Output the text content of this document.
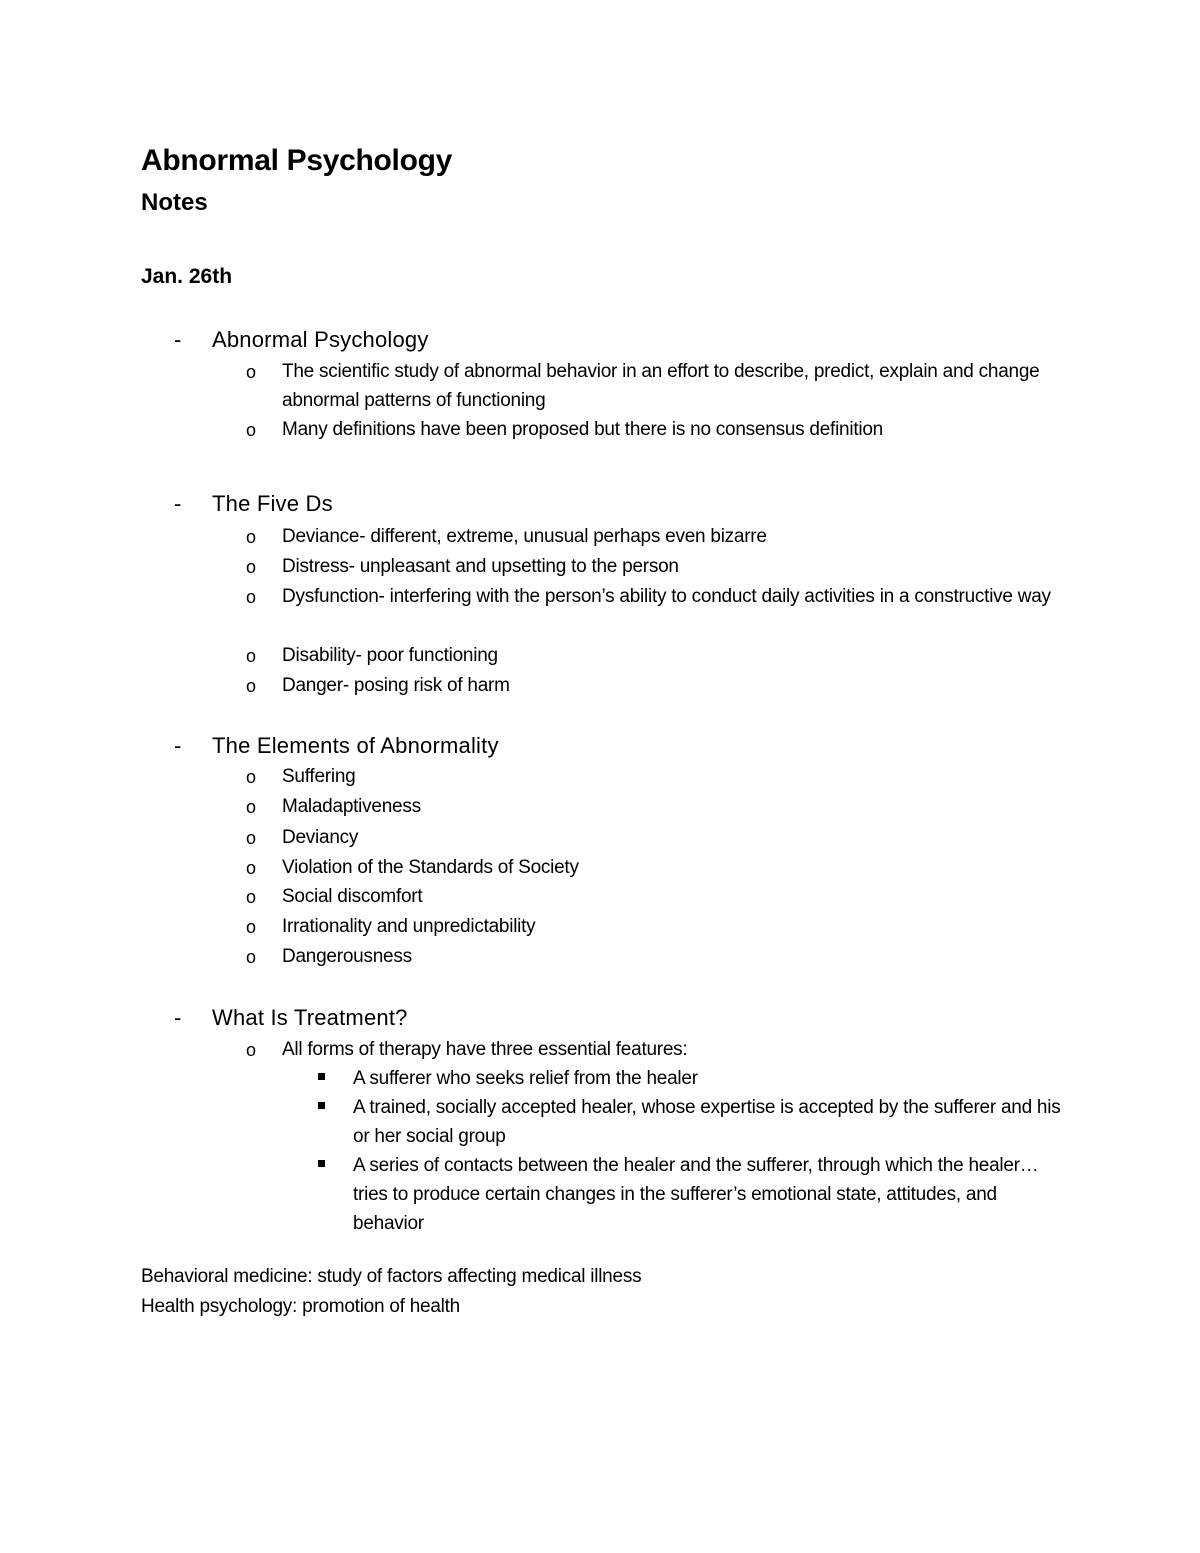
Abnormal Psychology
Notes
Jan. 26th
- Abnormal Psychology
o The scientific study of abnormal behavior in an effort to describe, predict, explain and change abnormal patterns of functioning
o Many definitions have been proposed but there is no consensus definition
- The Five Ds
o Deviance- different, extreme, unusual perhaps even bizarre
o Distress- unpleasant and upsetting to the person
o Dysfunction- interfering with the person’s ability to conduct daily activities in a constructive way
o Disability- poor functioning
o Danger- posing risk of harm
- The Elements of Abnormality
o Suffering
o Maladaptiveness
o Deviancy
o Violation of the Standards of Society
o Social discomfort
o Irrationality and unpredictability
o Dangerousness
- What Is Treatment?
o All forms of therapy have three essential features:
A sufferer who seeks relief from the healer
A trained, socially accepted healer, whose expertise is accepted by the sufferer and his or her social group
A series of contacts between the healer and the sufferer, through which the healer… tries to produce certain changes in the sufferer’s emotional state, attitudes, and behavior
Behavioral medicine: study of factors affecting medical illness
Health psychology: promotion of health
